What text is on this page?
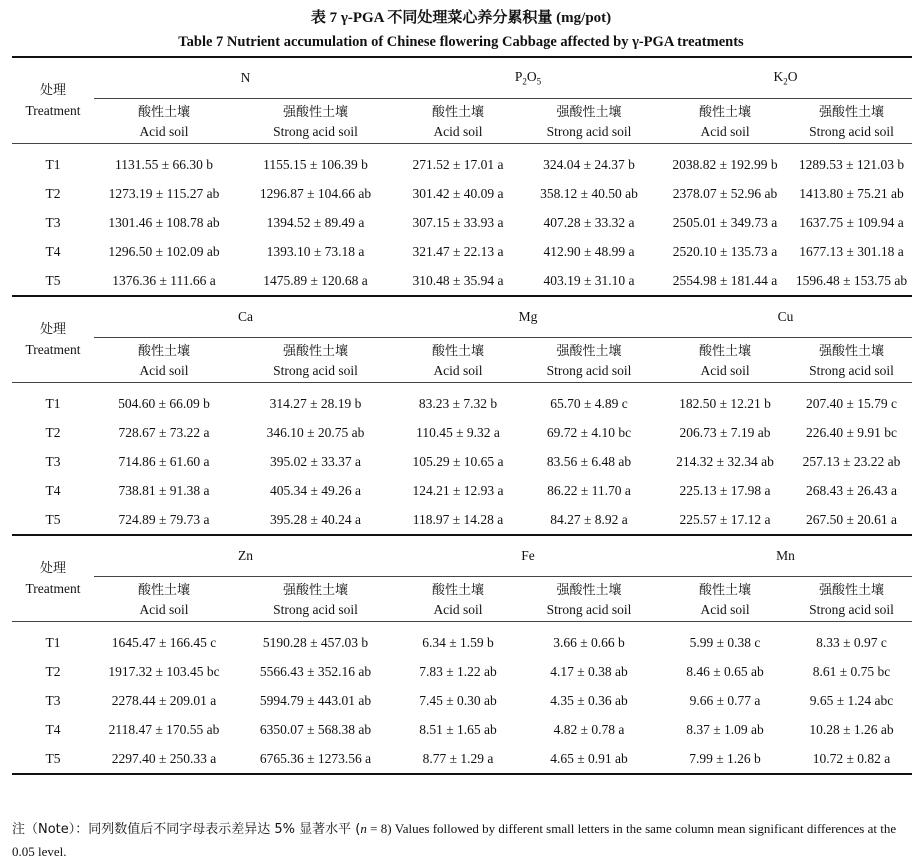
表 7 γ-PGA 不同处理菜心养分累积量 (mg/pot)
Table 7 Nutrient accumulation of Chinese flowering Cabbage affected by γ-PGA treatments
处理
Treatment	N		$P_2O_5$		$K_2O$	
	酸性土壤	强酸性土壤	酸性土壤	强酸性土壤	酸性土壤	强酸性土壤
	Acid soil	Strong acid soil	Acid soil	Strong acid soil	Acid soil	Strong acid soil
T1	1131.55 ± 66.30 b	1155.15 ± 106.39 b	271.52 ± 17.01 a	324.04 ± 24.37 b	2038.82 ± 192.99 b	1289.53 ± 121.03 b
T2	1273.19 ± 115.27 ab	1296.87 ± 104.66 ab	301.42 ± 40.09 a	358.12 ± 40.50 ab	2378.07 ± 52.96 ab	1413.80 ± 75.21 ab
T3	1301.46 ± 108.78 ab	1394.52 ± 89.49 a	307.15 ± 33.93 a	407.28 ± 33.32 a	2505.01 ± 349.73 a	1637.75 ± 109.94 a
T4	1296.50 ± 102.09 ab	1393.10 ± 73.18 a	321.47 ± 22.13 a	412.90 ± 48.99 a	2520.10 ± 135.73 a	1677.13 ± 301.18 a
T5	1376.36 ± 111.66 a	1475.89 ± 120.68 a	310.48 ± 35.94 a	403.19 ± 31.10 a	2554.98 ± 181.44 a	1596.48 ± 153.75 ab

处理
Treatment	Ca		Mg		Cu	
	酸性土壤	强酸性土壤	酸性土壤	强酸性土壤	酸性土壤	强酸性土壤
	Acid soil	Strong acid soil	Acid soil	Strong acid soil	Acid soil	Strong acid soil
T1	504.60 ± 66.09 b	314.27 ± 28.19 b	83.23 ± 7.32 b	65.70 ± 4.89 c	182.50 ± 12.21 b	207.40 ± 15.79 c
T2	728.67 ± 73.22 a	346.10 ± 20.75 ab	110.45 ± 9.32 a	69.72 ± 4.10 bc	206.73 ± 7.19 ab	226.40 ± 9.91 bc
T3	714.86 ± 61.60 a	395.02 ± 33.37 a	105.29 ± 10.65 a	83.56 ± 6.48 ab	214.32 ± 32.34 ab	257.13 ± 23.22 ab
T4	738.81 ± 91.38 a	405.34 ± 49.26 a	124.21 ± 12.93 a	86.22 ± 11.70 a	225.13 ± 17.98 a	268.43 ± 26.43 a
T5	724.89 ± 79.73 a	395.28 ± 40.24 a	118.97 ± 14.28 a	84.27 ± 8.92 a	225.57 ± 17.12 a	267.50 ± 20.61 a

处理
Treatment	Zn		Fe		Mn	
	酸性土壤	强酸性土壤	酸性土壤	强酸性土壤	酸性土壤	强酸性土壤
	Acid soil	Strong acid soil	Acid soil	Strong acid soil	Acid soil	Strong acid soil
T1	1645.47 ± 166.45 c	5190.28 ± 457.03 b	6.34 ± 1.59 b	3.66 ± 0.66 b	5.99 ± 0.38 c	8.33 ± 0.97 c
T2	1917.32 ± 103.45 bc	5566.43 ± 352.16 ab	7.83 ± 1.22 ab	4.17 ± 0.38 ab	8.46 ± 0.65 ab	8.61 ± 0.75 bc
T3	2278.44 ± 209.01 a	5994.79 ± 443.01 ab	7.45 ± 0.30 ab	4.35 ± 0.36 ab	9.66 ± 0.77 a	9.65 ± 1.24 abc
T4	2118.47 ± 170.55 ab	6350.07 ± 568.38 ab	8.51 ± 1.65 ab	4.82 ± 0.78 a	8.37 ± 1.09 ab	10.28 ± 1.26 ab
T5	2297.40 ± 250.33 a	6765.36 ± 1273.56 a	8.77 ± 1.29 a	4.65 ± 0.91 ab	7.99 ± 1.26 b	10.72 ± 0.82 a
注（Note）：同列数值后不同字母表示差异达 5% 显著水平 (n = 8) Values followed by different small letters in the same column mean significant differences at the 0.05 level.
